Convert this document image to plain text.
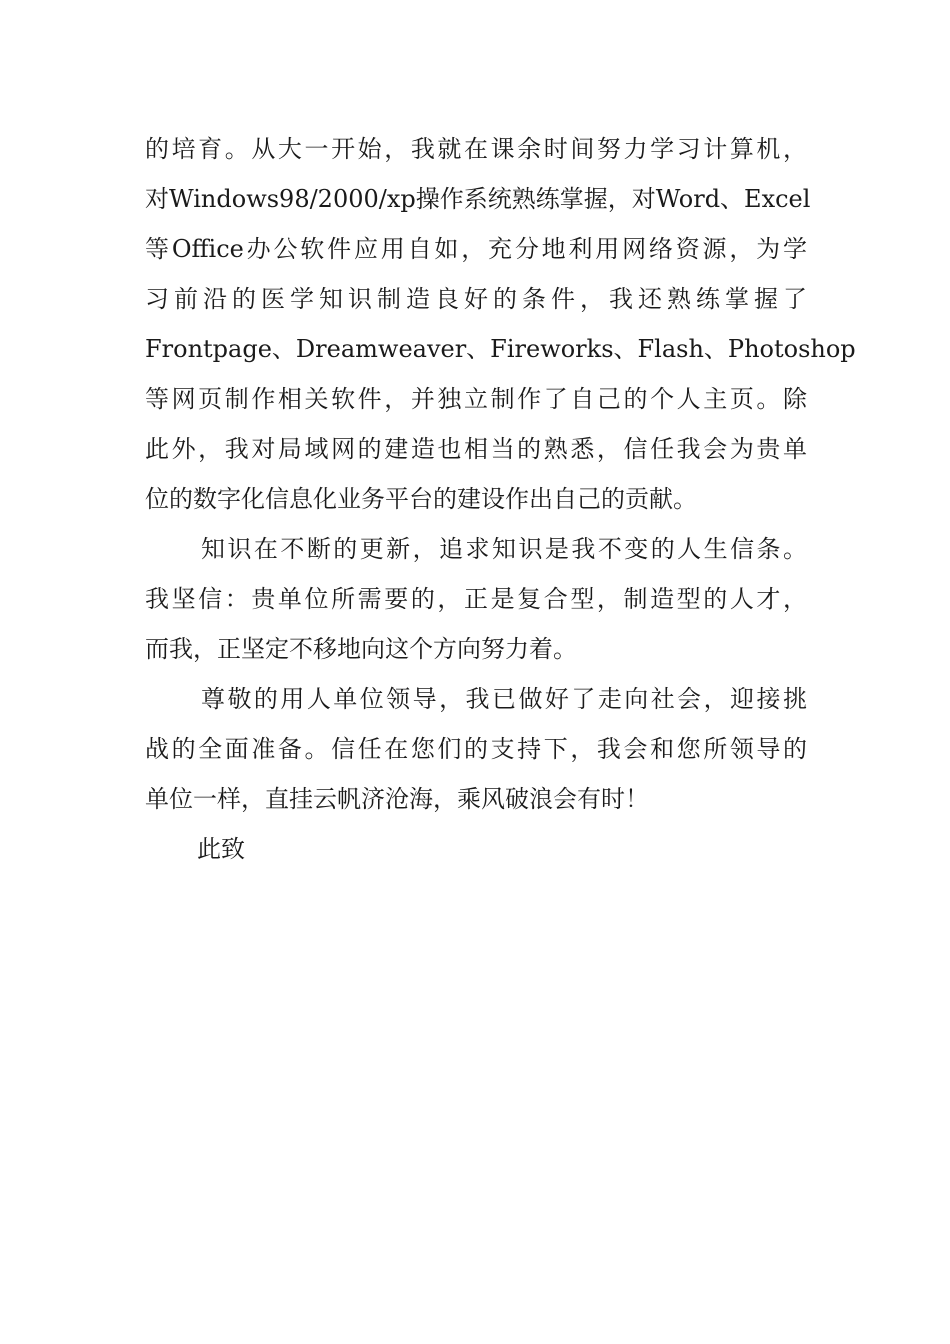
的培育。从大一开始，我就在课余时间努力学习计算机，
对Windows98/2000/xp操作系统熟练掌握，对Word、Excel
等Office办公软件应用自如，充分地利用网络资源，为学
习前沿的医学知识制造良好的条件，我还熟练掌握了
Frontpage、Dreamweaver、Fireworks、Flash、Photoshop
等网页制作相关软件，并独立制作了自己的个人主页。除
此外，我对局域网的建造也相当的熟悉，信任我会为贵单
位的数字化信息化业务平台的建设作出自己的贡献。
知识在不断的更新，追求知识是我不变的人生信条。
我坚信：贵单位所需要的，正是复合型，制造型的人才，
而我，正坚定不移地向这个方向努力着。
尊敬的用人单位领导，我已做好了走向社会，迎接挑
战的全面准备。信任在您们的支持下，我会和您所领导的
单位一样，直挂云帆济沧海，乘风破浪会有时！
此致
